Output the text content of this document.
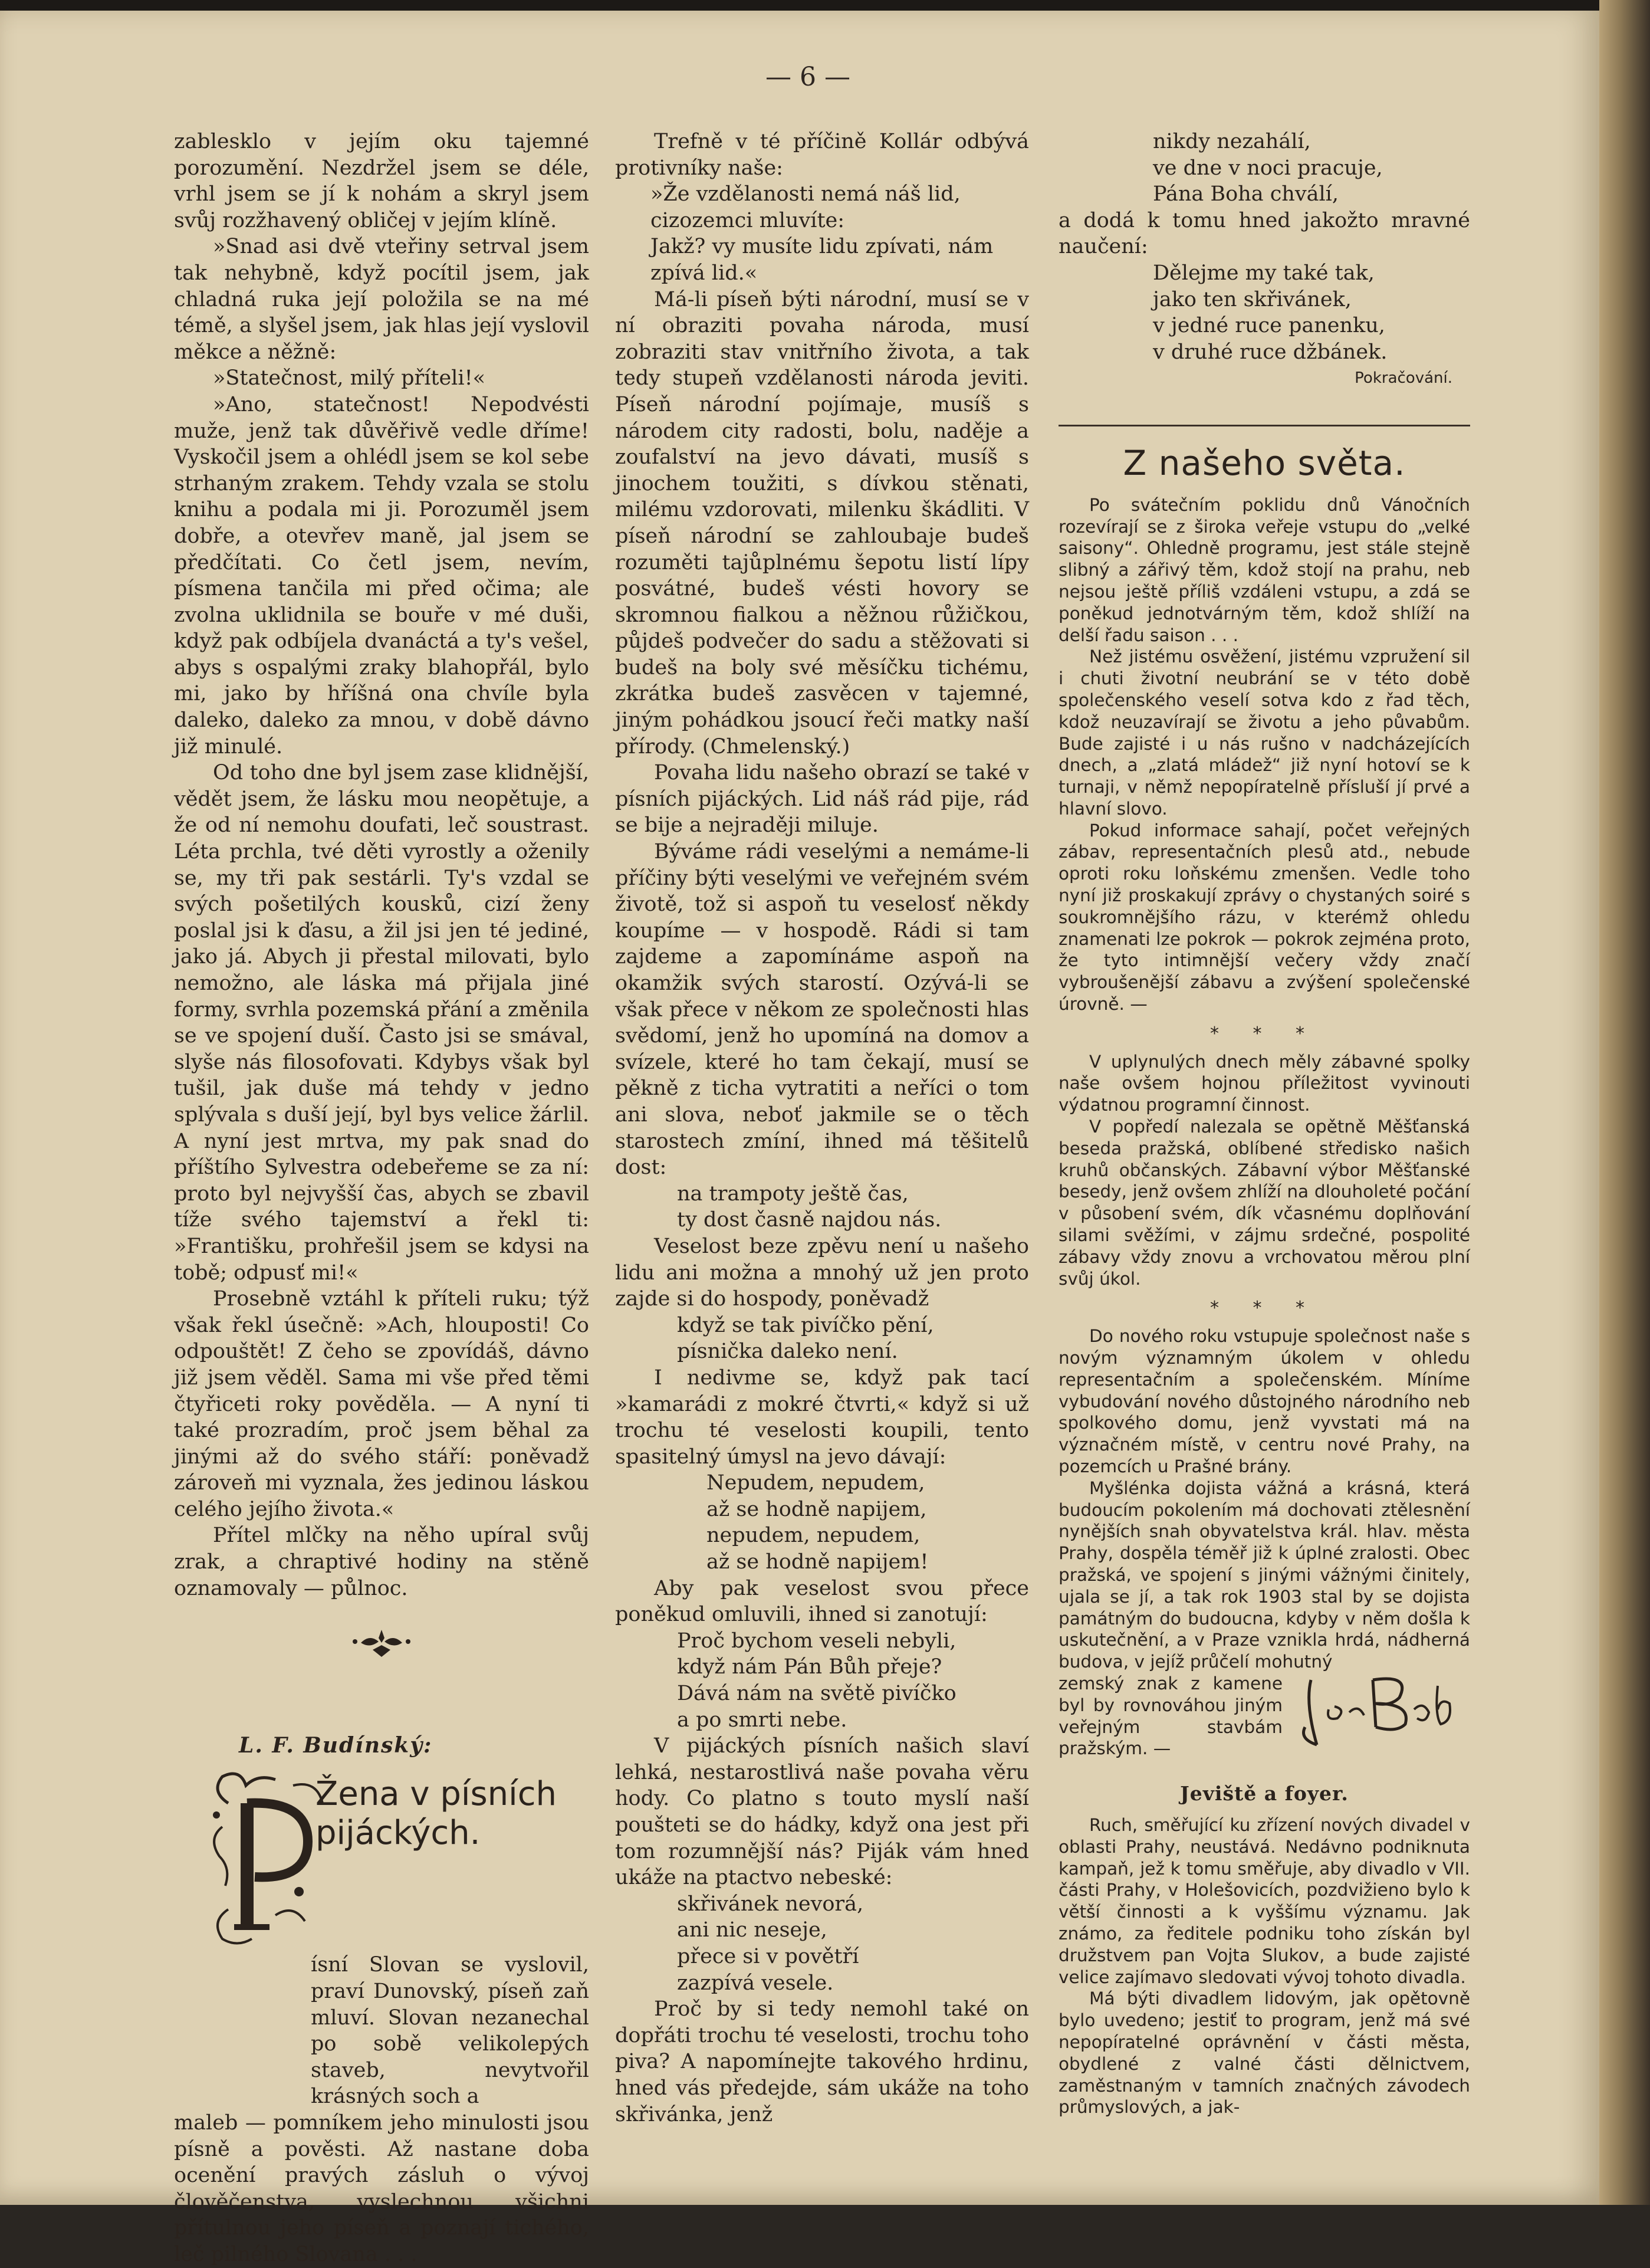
— 6 —

zablesklo v jejím oku tajemné porozumění. Nezdržel jsem se déle, vrhl jsem se jí k nohám a skryl jsem svůj rozžhavený obličej v jejím klíně.

»Snad asi dvě vteřiny setrval jsem tak nehybně, když pocítil jsem, jak chladná ruka její položila se na mé témě, a slyšel jsem, jak hlas její vyslovil měkce a něžně:

»Statečnost, milý příteli!«

»Ano, statečnost! Nepodvésti muže, jenž tak důvěřivě vedle dříme! Vyskočil jsem a ohlédl jsem se kol sebe strhaným zrakem. Tehdy vzala se stolu knihu a podala mi ji. Porozuměl jsem dobře, a otevřev maně, jal jsem se předčítati. Co četl jsem, nevím, písmena tančila mi před očima; ale zvolna uklidnila se bouře v mé duši, když pak odbíjela dvanáctá a ty's vešel, abys s ospalými zraky blahopřál, bylo mi, jako by hříšná ona chvíle byla daleko, daleko za mnou, v době dávno již minulé.

Od toho dne byl jsem zase klidnější, vědět jsem, že lásku mou neopětuje, a že od ní nemohu doufati, leč soustrast. Léta prchla, tvé děti vyrostly a oženily se, my tři pak sestárli. Ty's vzdal se svých pošetilých kousků, cizí ženy poslal jsi k ďasu, a žil jsi jen té jediné, jako já. Abych ji přestal milovati, bylo nemožno, ale láska má přijala jiné formy, svrhla pozemská přání a změnila se ve spojení duší. Často jsi se smával, slyše nás filosofovati. Kdybys však byl tušil, jak duše má tehdy v jedno splývala s duší její, byl bys velice žárlil. A nyní jest mrtva, my pak snad do příštího Sylvestra odebeřeme se za ní: proto byl nejvyšší čas, abych se zbavil tíže svého tajemství a řekl ti: »Františku, prohřešil jsem se kdysi na tobě; odpusť mi!«

Prosebně vztáhl k příteli ruku; týž však řekl úsečně: »Ach, hlouposti! Co odpouštět! Z čeho se zpovídáš, dávno již jsem věděl. Sama mi vše před těmi čtyřiceti roky pověděla. — A nyní ti také prozradím, proč jsem běhal za jinými až do svého stáří: poněvadž zároveň mi vyznala, žes jedinou láskou celého jejího života.«

Přítel mlčky na něho upíral svůj zrak, a chraptivé hodiny na stěně oznamovaly — půlnoc.

L. F. Budínský:
Žena v písních pijáckých.

ísní Slovan se vyslovil, praví Dunovský, píseň zaň mluví. Slovan nezanechal po sobě velikolepých staveb, nevytvořil krásných soch a

maleb — pomníkem jeho minulosti jsou písně a pověsti. Až nastane doba ocenění pravých zásluh o vývoj člověčenstva, vyslechnou všichni přítulnou jeho píseň a poznají tichého, leč pilného Slovana . . .

Trefně v té příčině Kollár odbývá protivníky naše:

»Že vzdělanosti nemá náš lid, cizozemci mluvíte:

Jakž? vy musíte lidu zpívati, nám zpívá lid.«

Má-li píseň býti národní, musí se v ní obraziti povaha národa, musí zobraziti stav vnitřního života, a tak tedy stupeň vzdělanosti národa jeviti. Píseň národní pojímaje, musíš s národem city radosti, bolu, naděje a zoufalství na jevo dávati, musíš s jinochem toužiti, s dívkou stěnati, milému vzdorovati, milenku škádliti. V píseň národní se zahloubaje budeš rozuměti tajůplnému šepotu listí lípy posvátné, budeš vésti hovory se skromnou fialkou a něžnou růžičkou, půjdeš podvečer do sadu a stěžovati si budeš na boly své měsíčku tichému, zkrátka budeš zasvěcen v tajemné, jiným pohádkou jsoucí řeči matky naší přírody. (Chmelenský.)

Povaha lidu našeho obrazí se také v písních pijáckých. Lid náš rád pije, rád se bije a nejraději miluje.

Býváme rádi veselými a nemáme-li příčiny býti veselými ve veřejném svém životě, tož si aspoň tu veselosť někdy koupíme — v hospodě. Rádi si tam zajdeme a zapomínáme aspoň na okamžik svých starostí. Ozývá-li se však přece v někom ze společnosti hlas svědomí, jenž ho upomíná na domov a svízele, které ho tam čekají, musí se pěkně z ticha vytratiti a neříci o tom ani slova, neboť jakmile se o těch starostech zmíní, ihned má těšitelů dost:

na trampoty ještě čas,

ty dost časně najdou nás.

Veselost beze zpěvu není u našeho lidu ani možna a mnohý už jen proto zajde si do hospody, poněvadž

když se tak pivíčko pění,

písnička daleko není.

I nedivme se, když pak tací »kamarádi z mokré čtvrti,« když si už trochu té veselosti koupili, tento spasitelný úmysl na jevo dávají:

Nepudem, nepudem,

až se hodně napijem,

nepudem, nepudem,

až se hodně napijem!

Aby pak veselost svou přece poněkud omluvili, ihned si zanotují:

Proč bychom veseli nebyli,

když nám Pán Bůh přeje?

Dává nám na světě pivíčko

a po smrti nebe.

V pijáckých písních našich slaví lehká, nestarostlivá naše povaha věru hody. Co platno s touto myslí naší poušteti se do hádky, když ona jest při tom rozumnější nás? Piják vám hned ukáže na ptactvo nebeské:

skřivánek nevorá,

ani nic neseje,

přece si v povětří

zazpívá vesele.

Proč by si tedy nemohl také on dopřáti trochu té veselosti, trochu toho piva? A napomínejte takového hrdinu, hned vás předejde, sám ukáže na toho skřivánka, jenž

nikdy nezahálí,

ve dne v noci pracuje,

Pána Boha chválí,

a dodá k tomu hned jakožto mravné naučení:

Dělejme my také tak,

jako ten skřivánek,

v jedné ruce panenku,

v druhé ruce džbánek.

Pokračování.
Z našeho světa.

Po svátečním poklidu dnů Vánočních rozevírají se z široka veřeje vstupu do „velké saisony“. Ohledně programu, jest stále stejně slibný a zářivý těm, kdož stojí na prahu, neb nejsou ještě příliš vzdáleni vstupu, a zdá se poněkud jednotvárným těm, kdož shlíží na delší řadu saison . . .

Než jistému osvěžení, jistému vzpružení sil i chuti životní neubrání se v této době společenského veselí sotva kdo z řad těch, kdož neuzavírají se životu a jeho půvabům. Bude zajisté i u nás rušno v nadcházejících dnech, a „zlatá mládež“ již nyní hotoví se k turnaji, v němž nepopíratelně přísluší jí prvé a hlavní slovo.

Pokud informace sahají, počet veřejných zábav, representačních plesů atd., nebude oproti roku loňskému zmenšen. Vedle toho nyní již proskakují zprávy o chystaných soiré s soukromnějšího rázu, v kterémž ohledu znamenati lze pokrok — pokrok zejména proto, že tyto intimnější večery vždy značí vybroušenější zábavu a zvýšení společenské úrovně. —

* * *

V uplynulých dnech měly zábavné spolky naše ovšem hojnou příležitost vyvinouti výdatnou programní činnost.

V popředí nalezala se opětně Měšťanská beseda pražská, oblíbené středisko našich kruhů občanských. Zábavní výbor Měšťanské besedy, jenž ovšem zhlíží na dlouholeté počání v působení svém, dík včasnému doplňování silami svěžími, v zájmu srdečné, pospolité zábavy vždy znovu a vrchovatou měrou plní svůj úkol.

* * *

Do nového roku vstupuje společnost naše s novým významným úkolem v ohledu representačním a společenském. Míníme vybudování nového důstojného národního neb spolkového domu, jenž vyvstati má na význačném místě, v centru nové Prahy, na pozemcích u Prašné brány.

Myšlénka dojista vážná a krásná, která budoucím pokolením má dochovati ztělesnění nynějších snah obyvatelstva král. hlav. města Prahy, dospěla téměř již k úplné zralosti. Obec pražská, ve spojení s jinými vážnými činitely, ujala se jí, a tak rok 1903 stal by se dojista památným do budoucna, kdyby v něm došla k uskutečnění, a v Praze vznikla hrdá, nádherná budova, v jejíž průčelí mohutný

zemský znak z kamene byl by rovnováhou jiným veřejným stavbám pražským. —

Jeviště a foyer.

Ruch, směřující ku zřízení nových divadel v oblasti Prahy, neustává. Nedávno podniknuta kampaň, jež k tomu směřuje, aby divadlo v VII. části Prahy, v Holešovicích, pozdvižieno bylo k větší činnosti a k vyššímu významu. Jak známo, za ředitele podniku toho získán byl družstvem pan Vojta Slukov, a bude zajisté velice zajímavo sledovati vývoj tohoto divadla.

Má býti divadlem lidovým, jak opětovně bylo uvedeno; jestiť to program, jenž má své nepopíratelné oprávnění v části města, obydlené z valné části dělnictvem, zaměstnaným v tamních značných závodech průmyslových, a jak-
